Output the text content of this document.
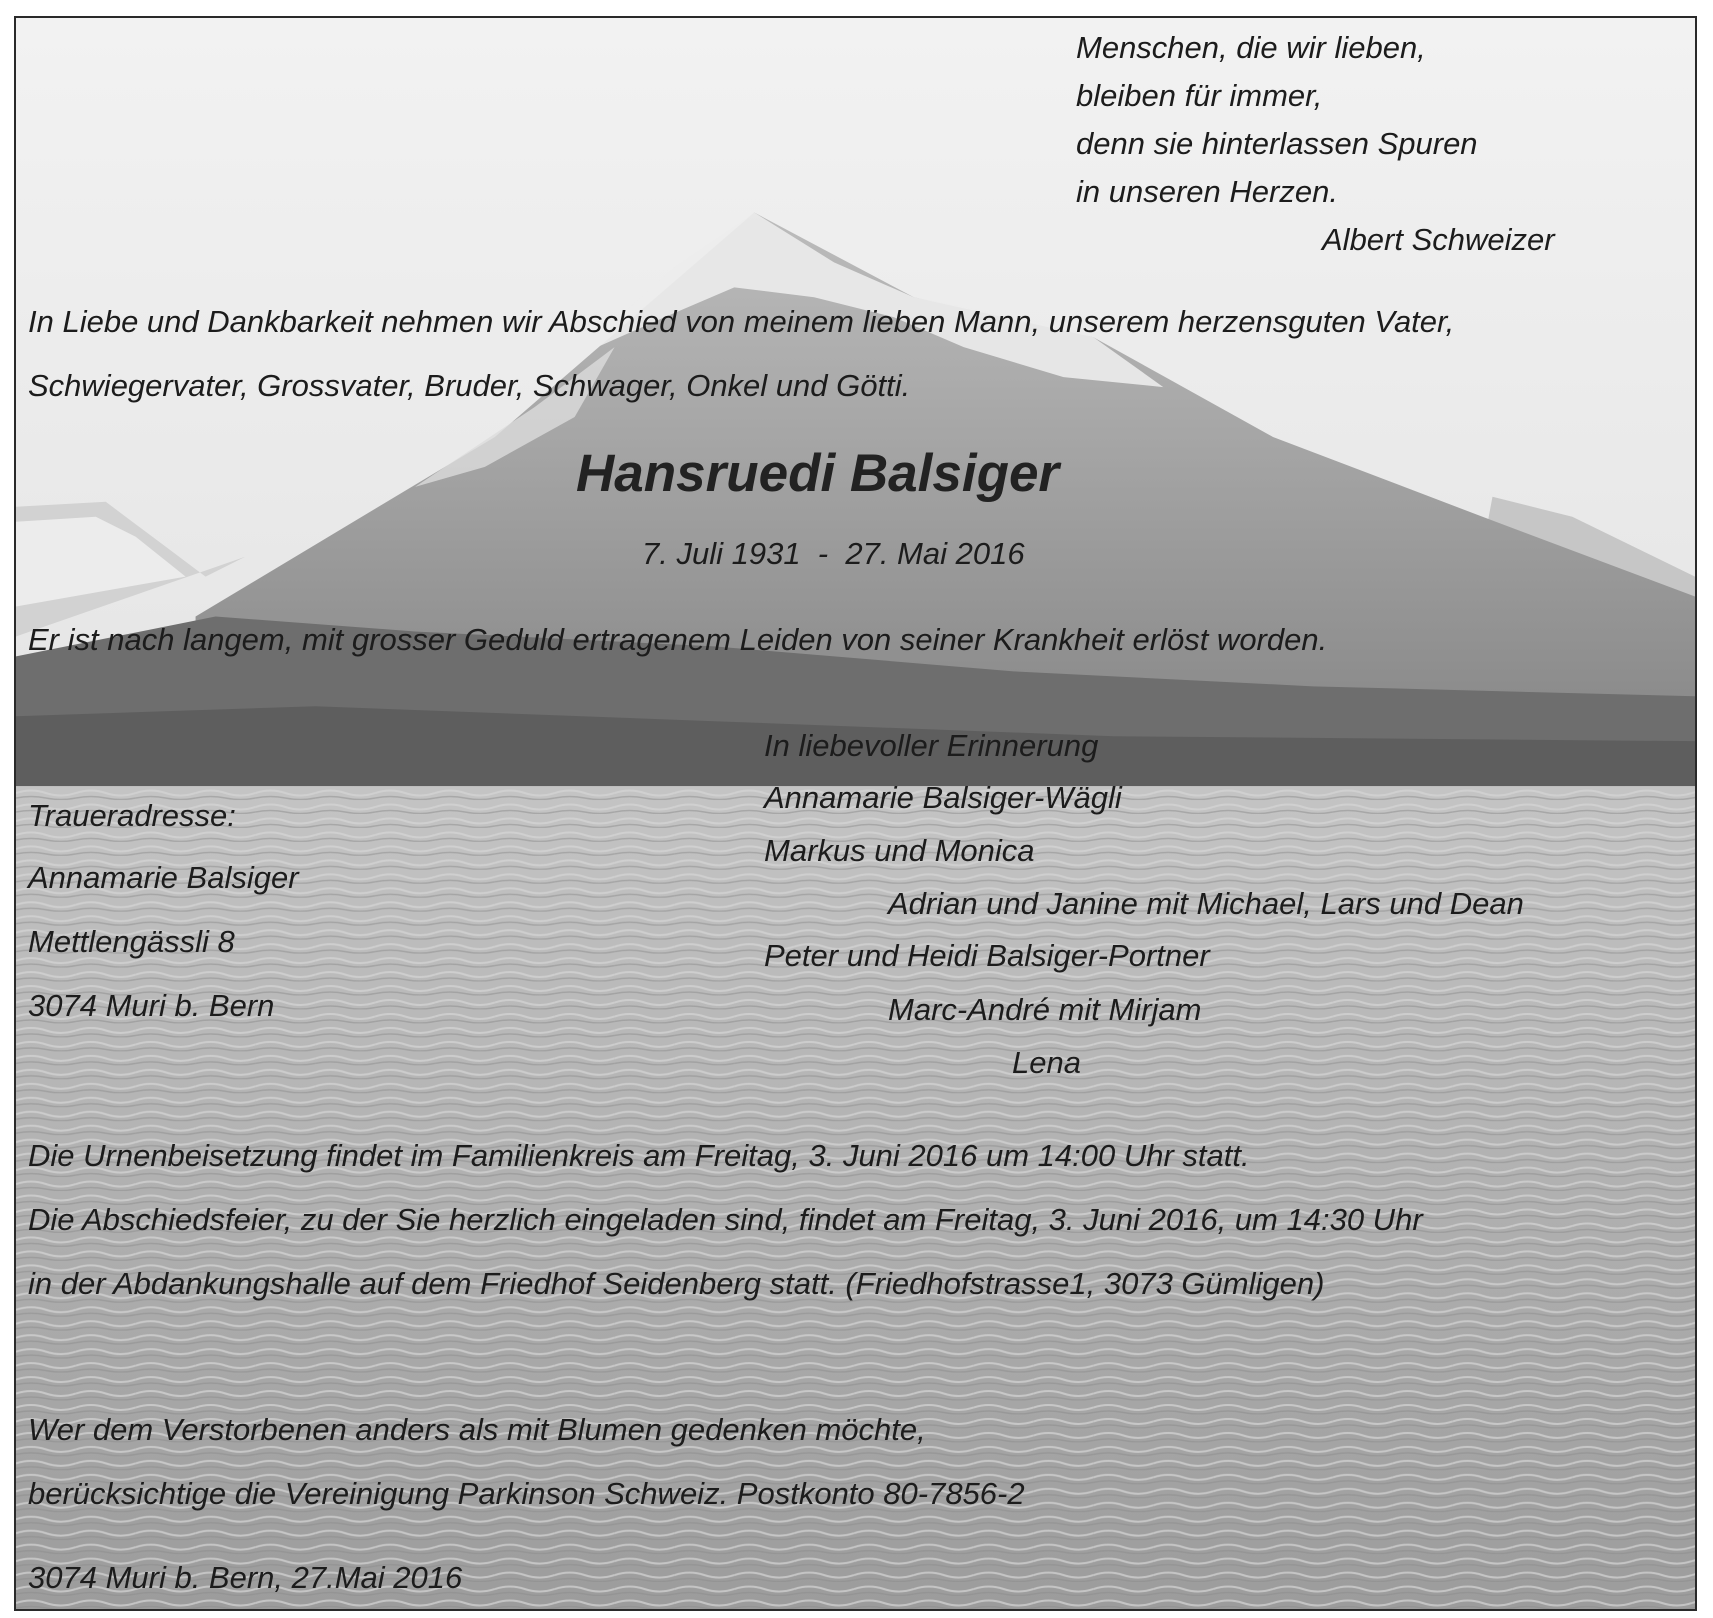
Menschen, die wir lieben,
bleiben für immer,
denn sie hinterlassen Spuren
in unseren Herzen.
Albert Schweizer
In Liebe und Dankbarkeit nehmen wir Abschied von meinem lieben Mann, unserem herzensguten Vater,
Schwiegervater, Grossvater, Bruder, Schwager, Onkel und Götti.
Hansruedi Balsiger
7. Juli 1931  -  27. Mai 2016
Er ist nach langem, mit grosser Geduld ertragenem Leiden von seiner Krankheit erlöst worden.
In liebevoller Erinnerung
Annamarie Balsiger-Wägli
Markus und Monica
Adrian und Janine mit Michael, Lars und Dean
Peter und Heidi Balsiger-Portner
Marc-André mit Mirjam
Lena
Traueradresse:
Annamarie Balsiger
Mettlengässli 8
3074 Muri b. Bern
Die Urnenbeisetzung findet im Familienkreis am Freitag, 3. Juni 2016 um 14:00 Uhr statt.
Die Abschiedsfeier, zu der Sie herzlich eingeladen sind, findet am Freitag, 3. Juni 2016, um 14:30 Uhr
in der Abdankungshalle auf dem Friedhof Seidenberg statt. (Friedhofstrasse1, 3073 Gümligen)
Wer dem Verstorbenen anders als mit Blumen gedenken möchte,
berücksichtige die Vereinigung Parkinson Schweiz. Postkonto 80-7856-2
3074 Muri b. Bern, 27.Mai 2016
